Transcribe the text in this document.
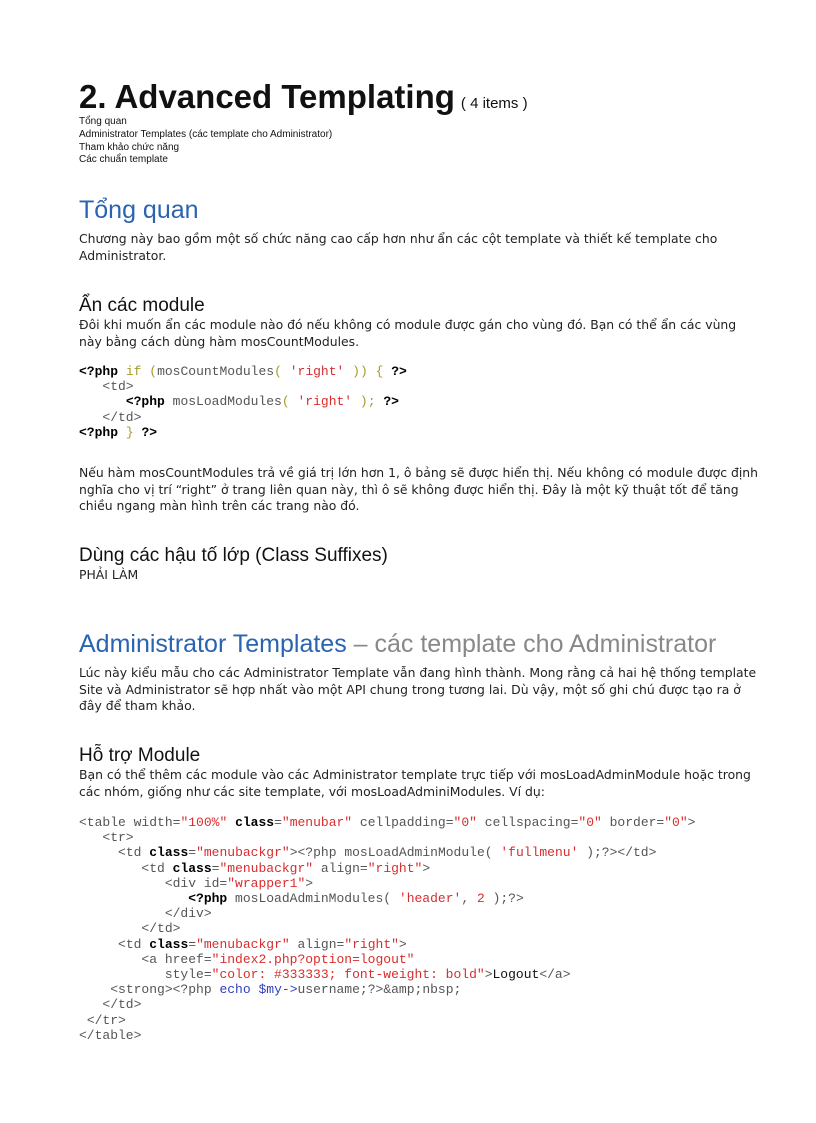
2. Advanced Templating ( 4 items )
Tổng quan
Administrator Templates (các template cho Administrator)
Tham khảo chức năng
Các chuẩn template
Tổng quan
Chương này bao gồm một số chức năng cao cấp hơn như ẩn các cột template và thiết kế template cho Administrator.
Ẩn các module
Đôi khi muốn ẩn các module nào đó nếu không có module được gán cho vùng đó. Bạn có thể ẩn các vùng này bằng cách dùng hàm mosCountModules.
<?php if (mosCountModules( 'right' )) { ?>
<td>
<?php mosLoadModules( 'right' ); ?>
</td>
<?php } ?>
Nếu hàm mosCountModules trả về giá trị lớn hơn 1, ô bảng sẽ được hiển thị. Nếu không có module được định nghĩa cho vị trí “right” ở trang liên quan này, thì ô sẽ không được hiển thị. Đây là một kỹ thuật tốt để tăng chiều ngang màn hình trên các trang nào đó.
Dùng các hậu tố lớp (Class Suffixes)
PHẢI LÀM
Administrator Templates – các template cho Administrator
Lúc này kiểu mẫu cho các Administrator Template vẫn đang hình thành. Mong rằng cả hai hệ thống template Site và Administrator sẽ hợp nhất vào một API chung trong tương lai. Dù vậy, một số ghi chú được tạo ra ở đây để tham khảo.
Hỗ trợ Module
Bạn có thể thêm các module vào các Administrator template trực tiếp với mosLoadAdminModule hoặc trong các nhóm, giống như các site template, với mosLoadAdminiModules. Ví dụ:
<table width="100%" class="menubar" cellpadding="0" cellspacing="0" border="0">
<tr>
<td class="menubackgr"><?php mosLoadAdminModule( 'fullmenu' );?></td>
<td class="menubackgr" align="right">
<div id="wrapper1">
<?php mosLoadAdminModules( 'header', 2 );?>
</div>
</td>
<td class="menubackgr" align="right">
<a hreef="index2.php?option=logout"
style="color: #333333; font-weight: bold">Logout</a>
<strong><?php echo $my->username;?>&amp;nbsp;
</td>
</tr>
</table>
